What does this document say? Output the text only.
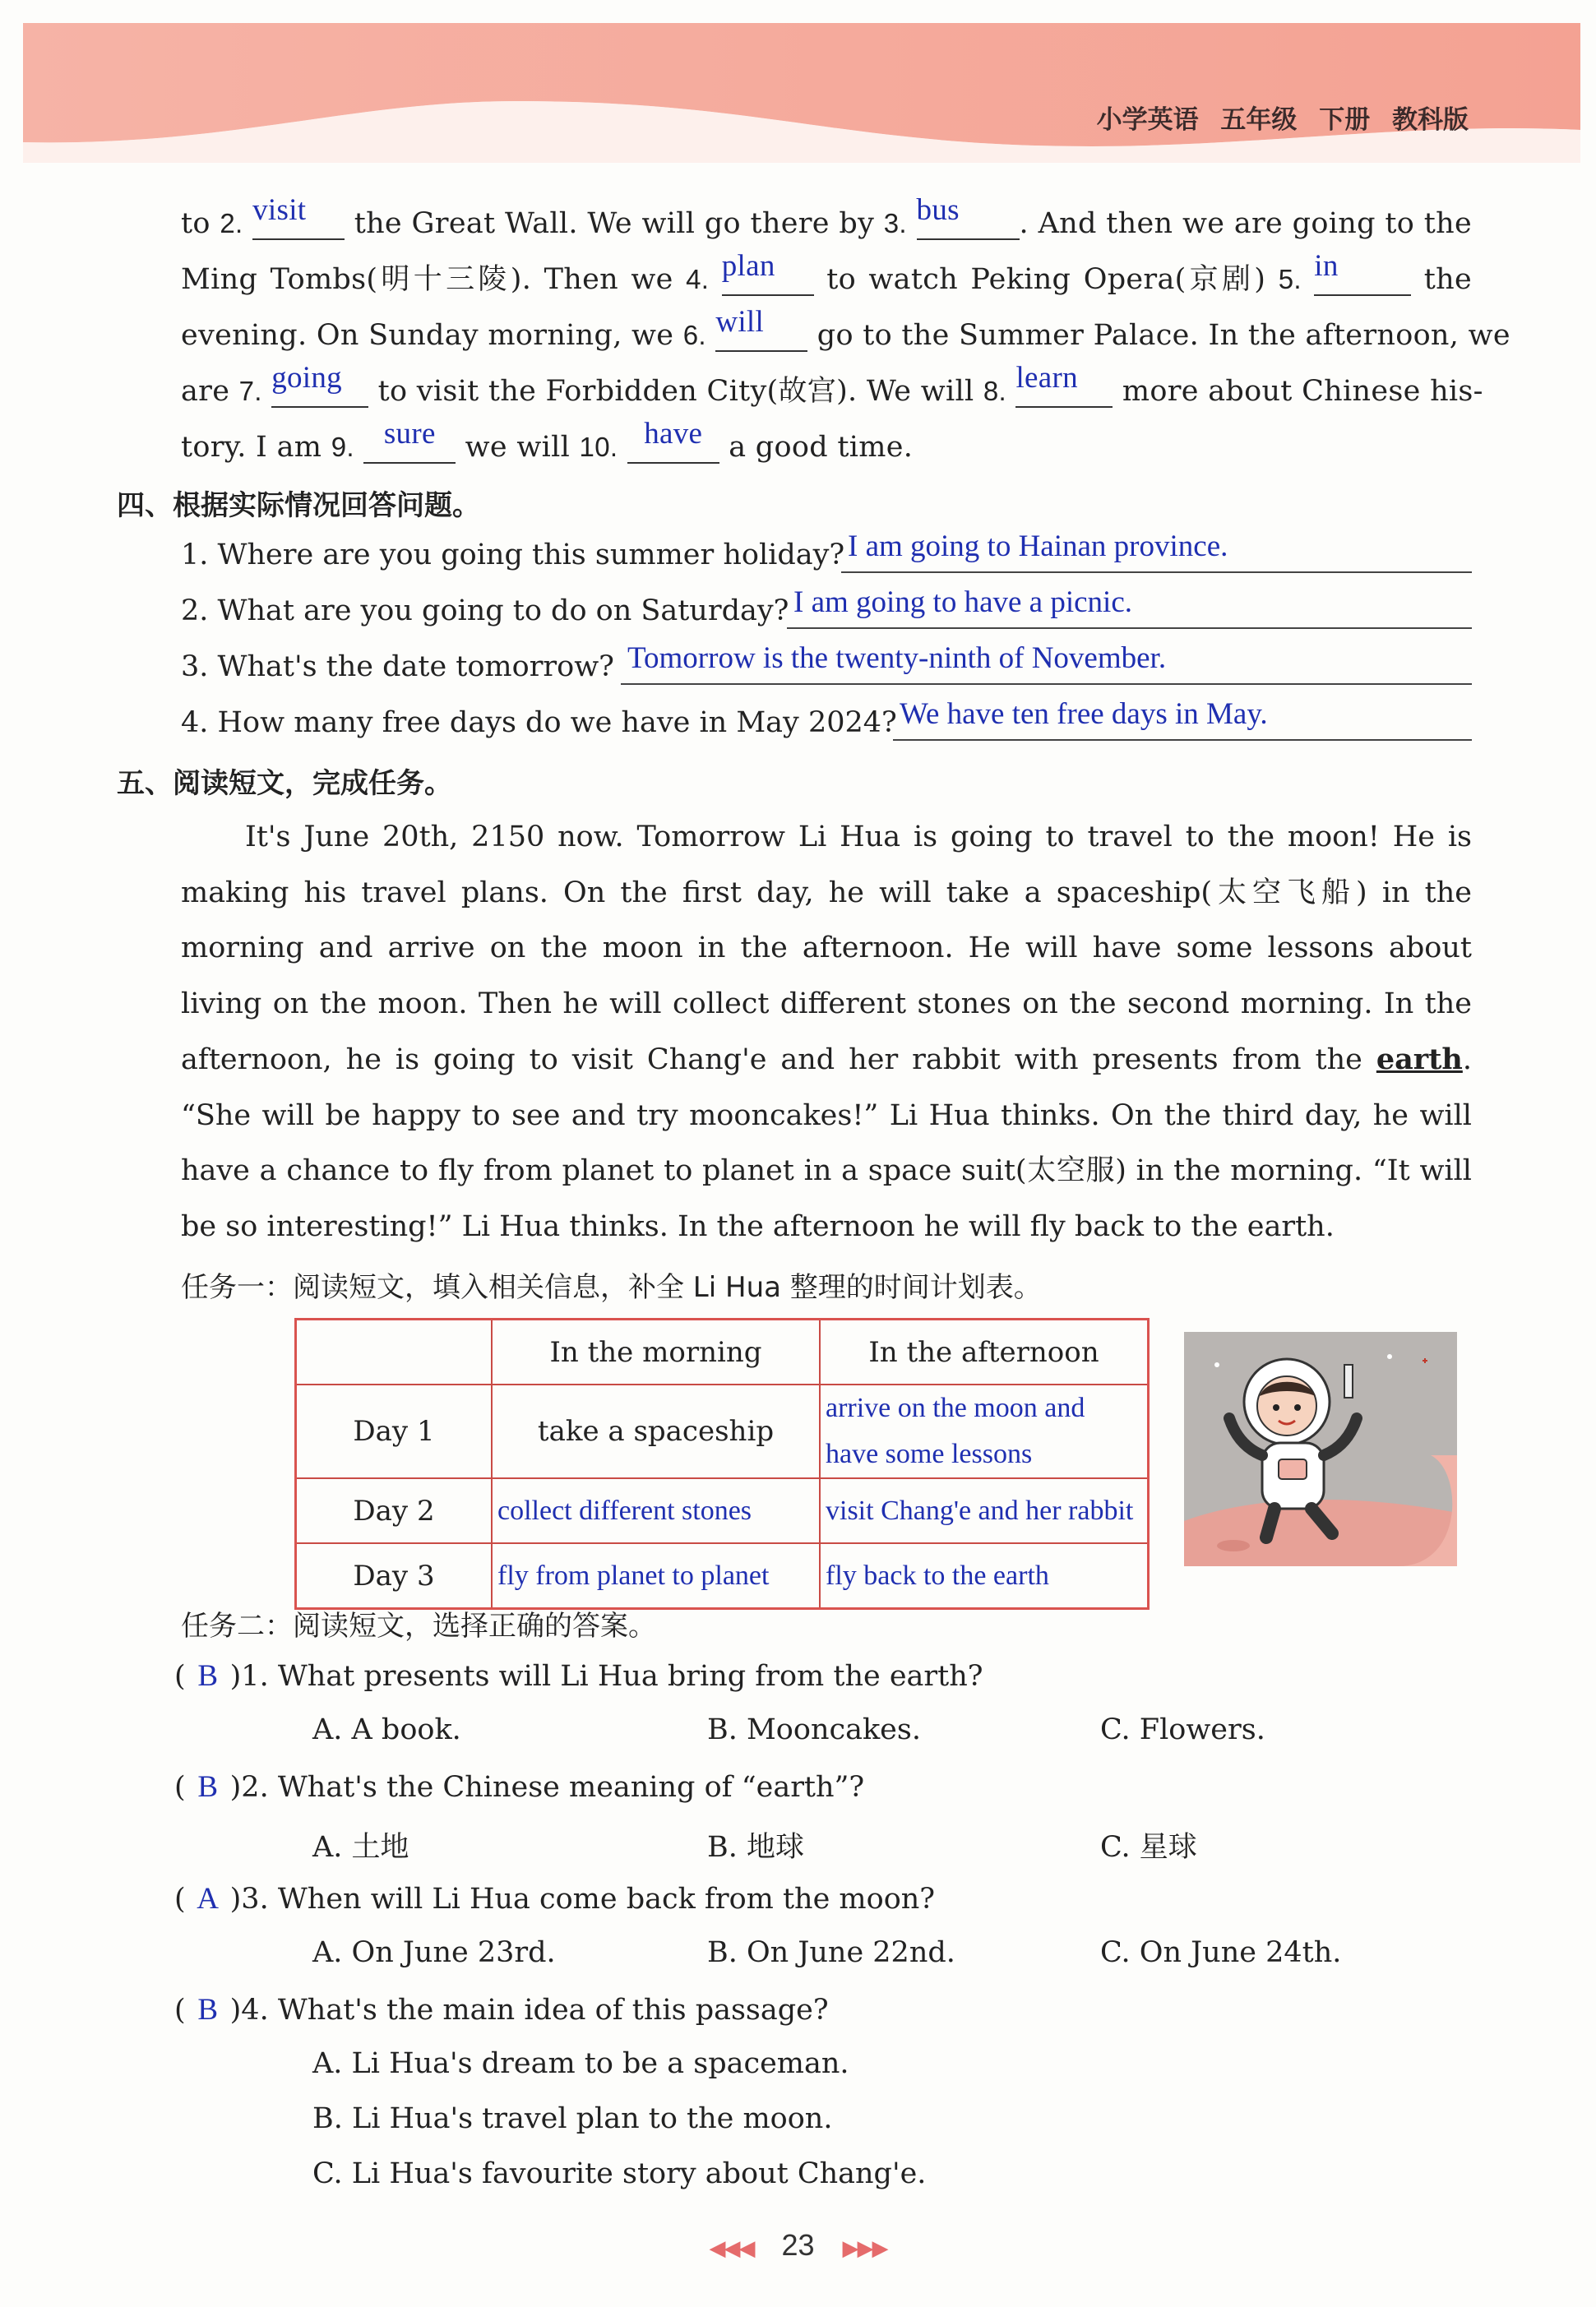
小学英语 五年级 下册 教科版
to 2. visit	the Great Wall. We will go there by 3. bus	. And then we are going to the
Ming Tombs(明十三陵). Then we 4. plan	to watch Peking Opera(京剧) 5. in	the
evening. On Sunday morning, we 6. will	go to the Summer Palace. In the afternoon, we
are 7. going to visit the Forbidden City(故宫). We will 8. learn	more about Chinese his-
tory. I am 9. sure we will 10. have a good time.
四、根据实际情况回答问题。
1. Where are you going this summer holiday? I am going to Hainan province.
2. What are you going to do on Saturday? I am going to have a picnic.
3. What's the date tomorrow? Tomorrow is the twenty-ninth of November.
4. How many free days do we have in May 2024? We have ten free days in May.
五、阅读短文，完成任务。

It's June 20th, 2150 now. Tomorrow Li Hua is going to travel to the moon! He is making his travel plans. On the first day, he will take a spaceship(太空飞船) in the morning and arrive on the moon in the afternoon. He will have some lessons about living on the moon. Then he will collect different stones on the second morning. In the afternoon, he is going to visit Chang'e and her rabbit with presents from the earth. “She will be happy to see and try mooncakes!” Li Hua thinks. On the third day, he will have a chance to fly from planet to planet in a space suit(太空服) in the morning. “It will be so interesting!” Li Hua thinks. In the afternoon he will fly back to the earth.

任务一：阅读短文，填入相关信息，补全 Li Hua 整理的时间计划表。
	In the morning	In the afternoon
Day 1	take a spaceship	arrive on the moon and have some lessons
Day 2	collect different stones	visit Chang'e and her rabbit
Day 3	fly from planet to planet	fly back to the earth
任务二：阅读短文，选择正确的答案。
( B )1. What presents will Li Hua bring from the earth?
A. A book.	B. Mooncakes.	C. Flowers.
( B )2. What's the Chinese meaning of “earth”?
A. 土地	B. 地球	C. 星球
( A )3. When will Li Hua come back from the moon?
A. On June 23rd.	B. On June 22nd.	C. On June 24th.
( B )4. What's the main idea of this passage?
A. Li Hua's dream to be a spaceman.
B. Li Hua's travel plan to the moon.
C. Li Hua's favourite story about Chang'e.
◀◀◀ 23 ▶▶▶
